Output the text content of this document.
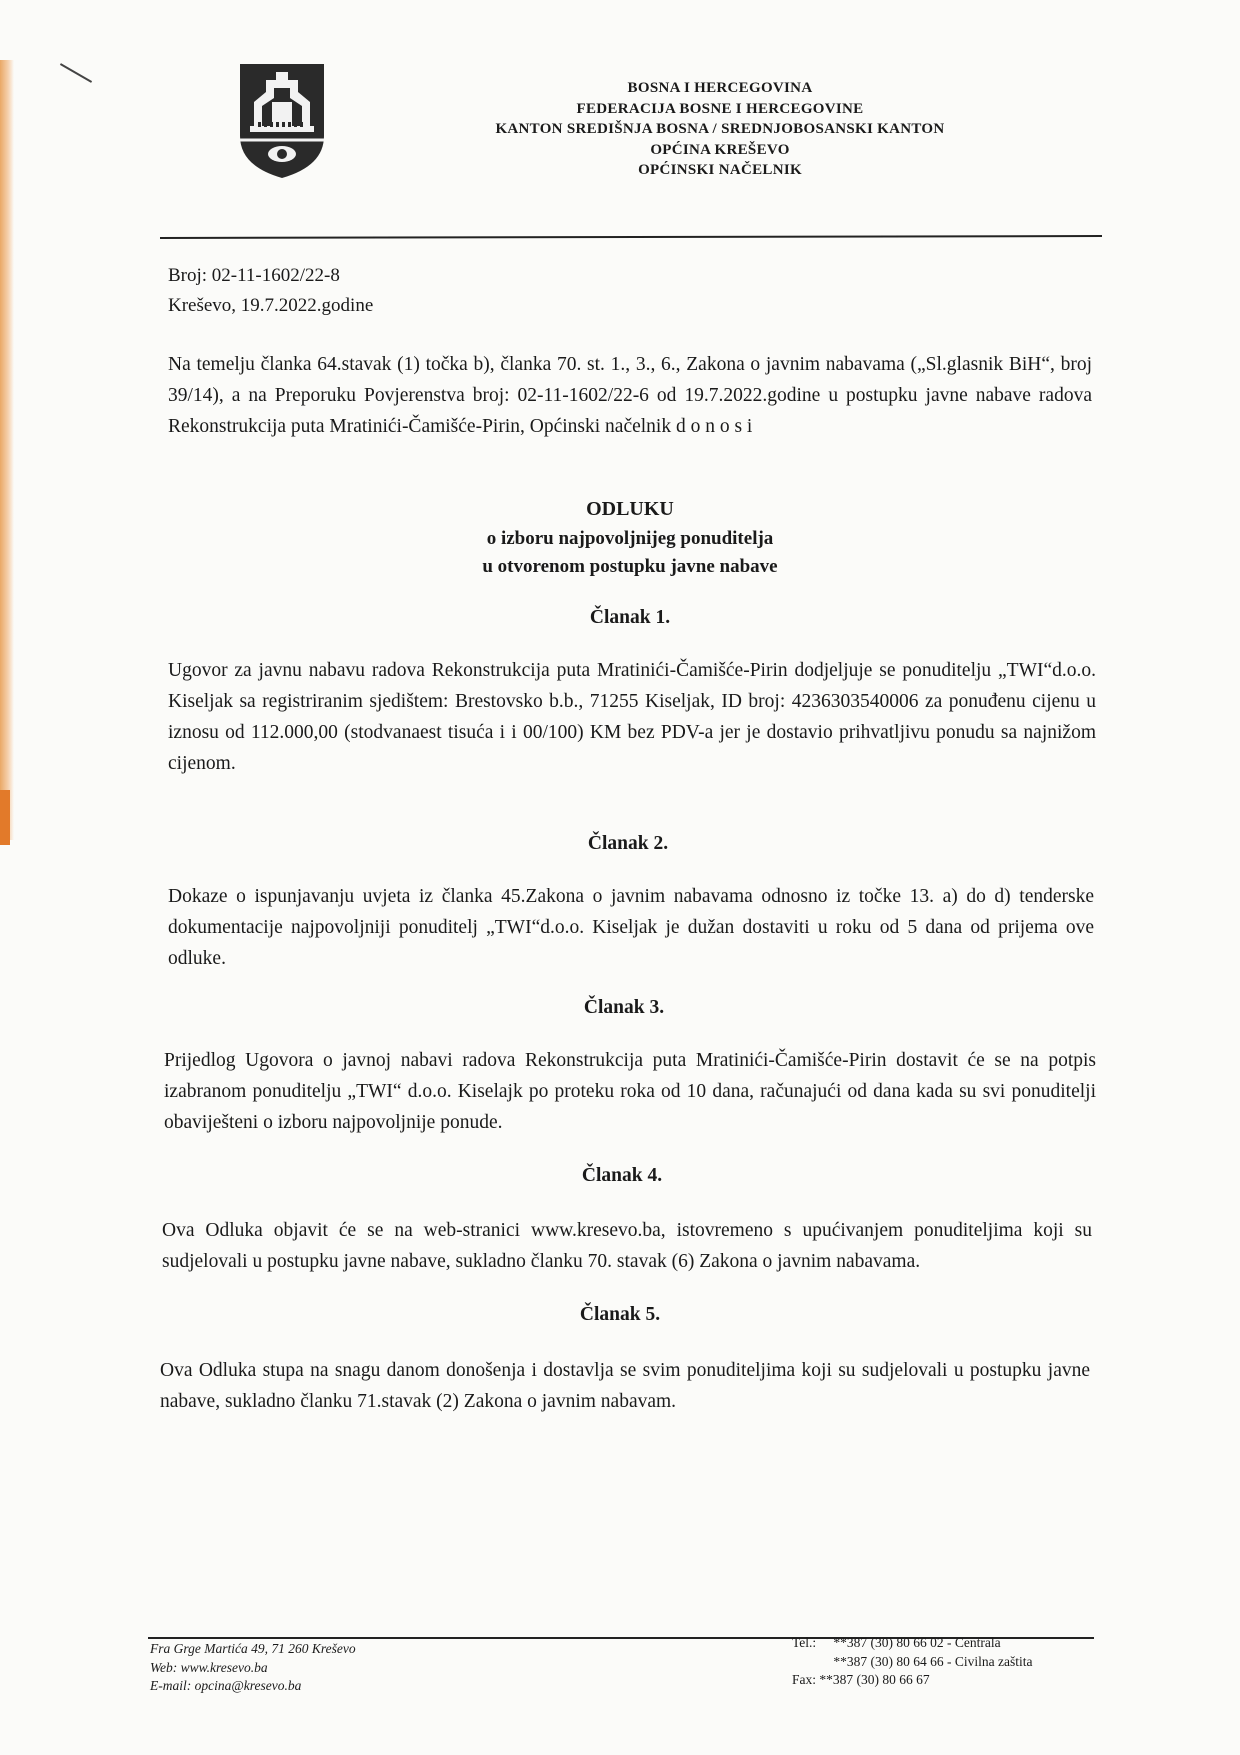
BOSNA I HERCEGOVINA
FEDERACIJA BOSNE I HERCEGOVINE
KANTON SREDIŠNJA BOSNA / SREDNJOBOSANSKI KANTON
OPĆINA KREŠEVO
OPĆINSKI NAČELNIK
Broj: 02-11-1602/22-8
Kreševo, 19.7.2022.godine

Na temelju članka 64.stavak (1) točka b), članka 70. st. 1., 3., 6., Zakona o javnim nabavama („Sl.glasnik BiH“, broj 39/14), a na Preporuku Povjerenstva broj: 02-11-1602/22-6 od 19.7.2022.godine u postupku javne nabave radova Rekonstrukcija puta Mratinići-Čamišće-Pirin, Općinski načelnik d o n o s i

ODLUKU
o izboru najpovoljnijeg ponuditelja
u otvorenom postupku javne nabave
Članak 1.

Ugovor za javnu nabavu radova Rekonstrukcija puta Mratinići-Čamišće-Pirin dodjeljuje se ponuditelju „TWI“d.o.o. Kiseljak sa registriranim sjedištem: Brestovsko b.b., 71255 Kiseljak, ID broj: 4236303540006 za ponuđenu cijenu u iznosu od 112.000,00 (stodvanaest tisuća i i 00/100) KM bez PDV-a jer je dostavio prihvatljivu ponudu sa najnižom cijenom.

Članak 2.

Dokaze o ispunjavanju uvjeta iz članka 45.Zakona o javnim nabavama odnosno iz točke 13. a) do d) tenderske dokumentacije najpovoljniji ponuditelj „TWI“d.o.o. Kiseljak je dužan dostaviti u roku od 5 dana od prijema ove odluke.

Članak 3.

Prijedlog Ugovora o javnoj nabavi radova Rekonstrukcija puta Mratinići-Čamišće-Pirin dostavit će se na potpis izabranom ponuditelju „TWI“ d.o.o. Kiselajk po proteku roka od 10 dana, računajući od dana kada su svi ponuditelji obaviješteni o izboru najpovoljnije ponude.

Članak 4.

Ova Odluka objavit će se na web-stranici www.kresevo.ba, istovremeno s upućivanjem ponuditeljima koji su sudjelovali u postupku javne nabave, sukladno članku 70. stavak (6) Zakona o javnim nabavama.

Članak 5.

Ova Odluka stupa na snagu danom donošenja i dostavlja se svim ponuditeljima koji su sudjelovali u postupku javne nabave, sukladno članku 71.stavak (2) Zakona o javnim nabavam.

Fra Grge Martića 49, 71 260 Kreševo
Web: www.kresevo.ba
E-mail: opcina@kresevo.ba
Tel.: **387 (30) 80 66 02 - Centrala
**387 (30) 80 64 66 - Civilna zaštita
Fax: **387 (30) 80 66 67
